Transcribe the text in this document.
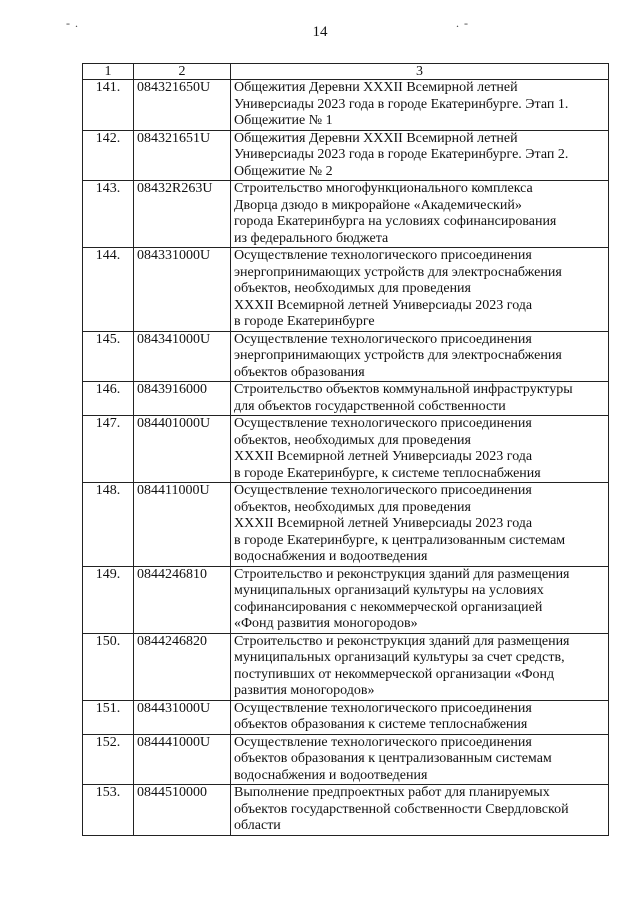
- .	. -
14
1	2	3
141.	084321650U	Общежития Деревни XXXII Всемирной летней
Универсиады 2023 года в городе Екатеринбурге. Этап 1.
Общежитие № 1
142.	084321651U	Общежития Деревни XXXII Всемирной летней
Универсиады 2023 года в городе Екатеринбурге. Этап 2.
Общежитие № 2
143.	08432R263U	Строительство многофункционального комплекса
Дворца дзюдо в микрорайоне «Академический»
города Екатеринбурга на условиях софинансирования
из федерального бюджета
144.	084331000U	Осуществление технологического присоединения
энергопринимающих устройств для электроснабжения
объектов, необходимых для проведения
XXXII Всемирной летней Универсиады 2023 года
в городе Екатеринбурге
145.	084341000U	Осуществление технологического присоединения
энергопринимающих устройств для электроснабжения
объектов образования
146.	0843916000	Строительство объектов коммунальной инфраструктуры
для объектов государственной собственности
147.	084401000U	Осуществление технологического присоединения
объектов, необходимых для проведения
XXXII Всемирной летней Универсиады 2023 года
в городе Екатеринбурге, к системе теплоснабжения
148.	084411000U	Осуществление технологического присоединения
объектов, необходимых для проведения
XXXII Всемирной летней Универсиады 2023 года
в городе Екатеринбурге, к централизованным системам
водоснабжения и водоотведения
149.	0844246810	Строительство и реконструкция зданий для размещения
муниципальных организаций культуры на условиях
софинансирования с некоммерческой организацией
«Фонд развития моногородов»
150.	0844246820	Строительство и реконструкция зданий для размещения
муниципальных организаций культуры за счет средств,
поступивших от некоммерческой организации «Фонд
развития моногородов»
151.	084431000U	Осуществление технологического присоединения
объектов образования к системе теплоснабжения
152.	084441000U	Осуществление технологического присоединения
объектов образования к централизованным системам
водоснабжения и водоотведения
153.	0844510000	Выполнение предпроектных работ для планируемых
объектов государственной собственности Свердловской
области
